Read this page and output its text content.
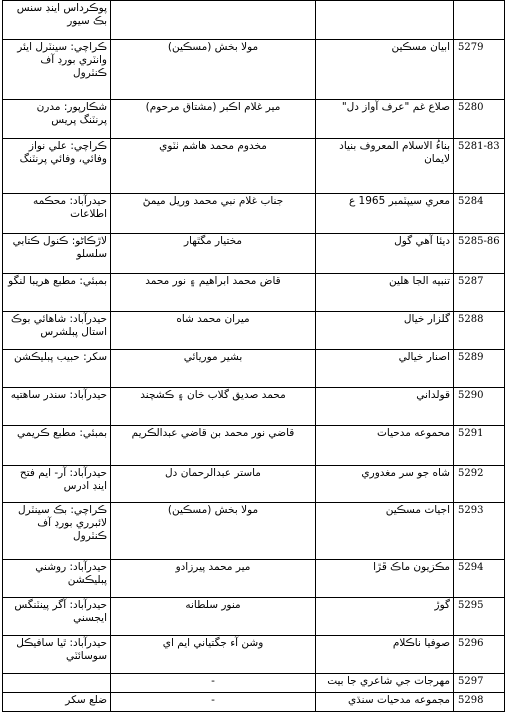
پوڪرداس اينڊ سنس بڪ سيور			
ڪراچي: سينٽرل ايئر وانٽري بورڊ آف ڪنٽرول	مولا بخش (مسڪين)	ابيان مسڪين	5279
شڪارپور: مدرن پرنٽنگ پريس	مير غلام اڪبر (مشتاق مرحوم)	صلاع غم "عرف آواز دل"	5280
ڪراچي: علي نواز وفائي، وفائي پرنٽنگ	مخدوم محمد هاشم ٺٽوي	بناءُ الاسلام المعروف بنياد لايمان	5281-83
حيدرآباد: محڪمه اطلاعات	جناب غلام نبي محمد وريل ميمڻ	معري سيپٽمبر 1965 ع	5284
لاڙڪاڻو: ڪنول ڪتابي سلسلو	مختيار مگٿهار	ديئا آهي گول	5285-86
بمبئي: مطبع هريبا لنگو	قاض محمد ابراهيم ۽ نور محمد	تنبيه الجا هلين	5287
حيدرآباد: شاهائي بوڪ استال پبلشرس	ميران محمد شاه	گلزار خيال	5288
سکر: حبيب پبليڪشن	بشير موريائي	اصنار خيالي	5289
حيدرآباد: سندر ساهتيه	محمد صديق گلاب خان ۽ ڪشچند	قولداني	5290
بمبئي: مطبع ڪريمي	قاضي نور محمد بن قاضي عبدالڪريم	محموعه مدحيات	5291
حيدرآباد: آر- ايم فتح اينڊ ادرس	ماستر عبدالرحمان دل	شاه جو سر مغدوري	5292
ڪراچي: بڪ سينٽرل لائبرري بورڊ آف ڪنٽرول	مولا بخش (مسڪين)	اجيات مسڪين	5293
حيدرآباد: روشني پبليڪشن	مير محمد پيرزادو	مڪزيون ماڪ ڦڙا	5294
حيدرآباد: آگر پينٽنگس ايجسني	منور سلطانه	گوڙ	5295
حيدرآباد: ٿيا سافيڪل سوسائٽي	وشن آء جگتياني ايم اي	صوفيا ناڪلام	5296
	-	مهرجات جي شاعري جا بيت	5297
ضلع سکر	-	مجموعه مدحيات سنڌي	5298
